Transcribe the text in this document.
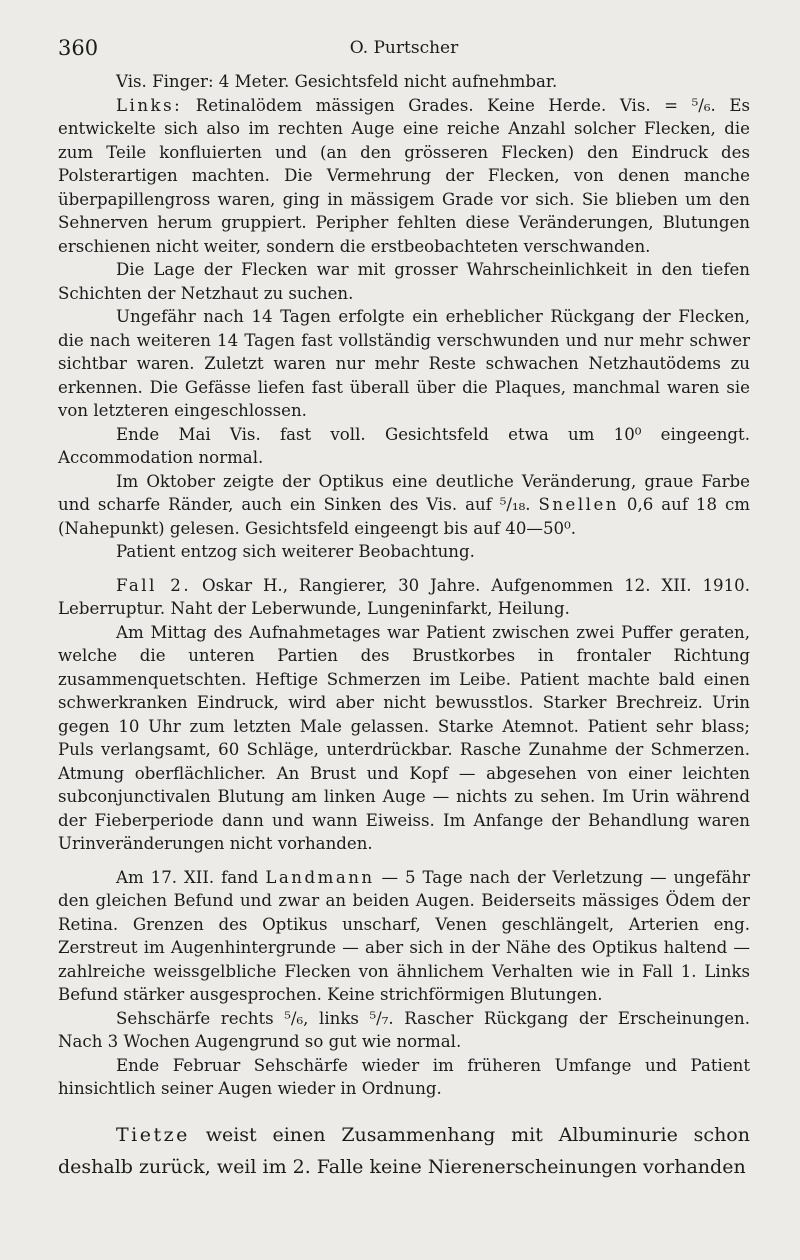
360	O. Purtscher

Vis. Finger: 4 Meter. Gesichtsfeld nicht aufnehmbar.

Links: Retinalödem mässigen Grades. Keine Herde. Vis. = ⁵/₆. Es entwickelte sich also im rechten Auge eine reiche Anzahl solcher Flecken, die zum Teile konfluierten und (an den grösseren Flecken) den Eindruck des Polsterartigen machten. Die Vermehrung der Flecken, von denen manche überpapillengross waren, ging in mässigem Grade vor sich. Sie blieben um den Sehnerven herum gruppiert. Peripher fehlten diese Veränderungen, Blutungen erschienen nicht weiter, sondern die erstbeobachteten verschwanden.

Die Lage der Flecken war mit grosser Wahrscheinlichkeit in den tiefen Schichten der Netzhaut zu suchen.

Ungefähr nach 14 Tagen erfolgte ein erheblicher Rückgang der Flecken, die nach weiteren 14 Tagen fast vollständig verschwunden und nur mehr schwer sichtbar waren. Zuletzt waren nur mehr Reste schwachen Netzhautödems zu erkennen. Die Gefässe liefen fast überall über die Plaques, manchmal waren sie von letzteren eingeschlossen.

Ende Mai Vis. fast voll. Gesichtsfeld etwa um 10⁰ eingeengt. Accommodation normal.

Im Oktober zeigte der Optikus eine deutliche Veränderung, graue Farbe und scharfe Ränder, auch ein Sinken des Vis. auf ⁵/₁₈. Snellen 0,6 auf 18 cm (Nahepunkt) gelesen. Gesichtsfeld eingeengt bis auf 40—50⁰.

Patient entzog sich weiterer Beobachtung.

Fall 2. Oskar H., Rangierer, 30 Jahre. Aufgenommen 12. XII. 1910. Leberruptur. Naht der Leberwunde, Lungeninfarkt, Heilung.

Am Mittag des Aufnahmetages war Patient zwischen zwei Puffer geraten, welche die unteren Partien des Brustkorbes in frontaler Richtung zusammenquetschten. Heftige Schmerzen im Leibe. Patient machte bald einen schwerkranken Eindruck, wird aber nicht bewusstlos. Starker Brechreiz. Urin gegen 10 Uhr zum letzten Male gelassen. Starke Atemnot. Patient sehr blass; Puls verlangsamt, 60 Schläge, unterdrückbar. Rasche Zunahme der Schmerzen. Atmung oberflächlicher. An Brust und Kopf — abgesehen von einer leichten subconjunctivalen Blutung am linken Auge — nichts zu sehen. Im Urin während der Fieberperiode dann und wann Eiweiss. Im Anfange der Behandlung waren Urinveränderungen nicht vorhanden.

Am 17. XII. fand Landmann — 5 Tage nach der Verletzung — ungefähr den gleichen Befund und zwar an beiden Augen. Beiderseits mässiges Ödem der Retina. Grenzen des Optikus unscharf, Venen geschlängelt, Arterien eng. Zerstreut im Augenhintergrunde — aber sich in der Nähe des Optikus haltend — zahlreiche weissgelbliche Flecken von ähnlichem Verhalten wie in Fall 1. Links Befund stärker ausgesprochen. Keine strichförmigen Blutungen.

Sehschärfe rechts ⁵/₆, links ⁵/₇. Rascher Rückgang der Erscheinungen. Nach 3 Wochen Augengrund so gut wie normal.

Ende Februar Sehschärfe wieder im früheren Umfange und Patient hinsichtlich seiner Augen wieder in Ordnung.

Tietze weist einen Zusammenhang mit Albuminurie schon deshalb zurück, weil im 2. Falle keine Nierenerscheinungen vorhanden
